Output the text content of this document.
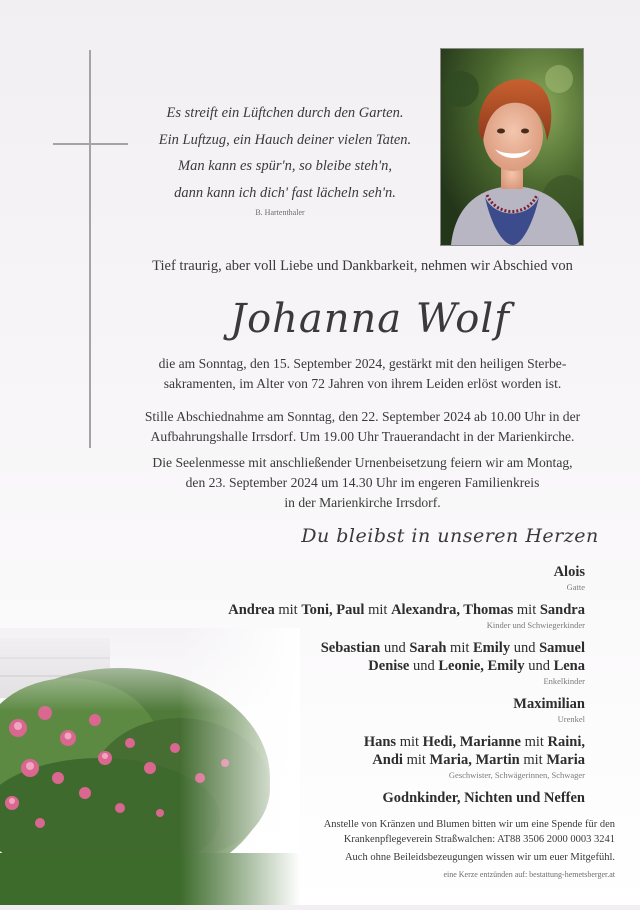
Es streift ein Lüftchen durch den Garten.
Ein Luftzug, ein Hauch deiner vielen Taten.
Man kann es spür'n, so bleibe steh'n,
dann kann ich dich' fast lächeln seh'n.
B. Hartenthaler
Tief traurig, aber voll Liebe und Dankbarkeit, nehmen wir Abschied von
Johanna Wolf
die am Sonntag, den 15. September 2024, gestärkt mit den heiligen Sterbe-
sakramenten, im Alter von 72 Jahren von ihrem Leiden erlöst worden ist.
Stille Abschiednahme am Sonntag, den 22. September 2024 ab 10.00 Uhr in der
Aufbahrungshalle Irrsdorf. Um 19.00 Uhr Trauerandacht in der Marienkirche.
Die Seelenmesse mit anschließender Urnenbeisetzung feiern wir am Montag,
den 23. September 2024 um 14.30 Uhr im engeren Familienkreis
in der Marienkirche Irrsdorf.
Du bleibst in unseren Herzen
Alois
Gatte
Andrea mit Toni, Paul mit Alexandra, Thomas mit Sandra
Kinder und Schwiegerkinder
Sebastian und Sarah mit Emily und Samuel
Denise und Leonie, Emily und Lena
Enkelkinder
Maximilian
Urenkel
Hans mit Hedi, Marianne mit Raini,
Andi mit Maria, Martin mit Maria
Geschwister, Schwägerinnen, Schwager
Godnkinder, Nichten und Neffen
Anstelle von Kränzen und Blumen bitten wir um eine Spende für den
Krankenpflegeverein Straßwalchen: AT88 3506 2000 0003 3241
Auch ohne Beileidsbezeugungen wissen wir um euer Mitgefühl.
eine Kerze entzünden auf: bestattung-hemetsberger.at
